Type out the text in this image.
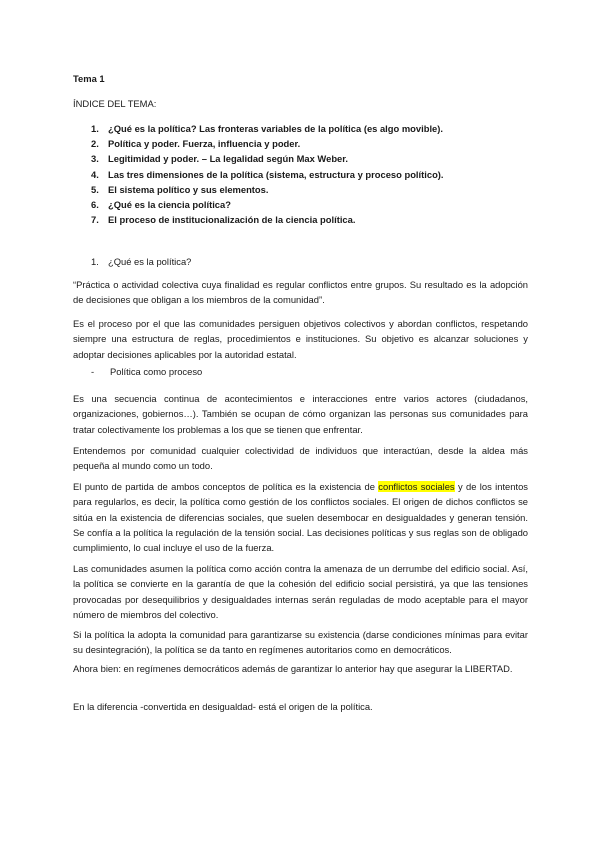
Tema 1
ÍNDICE DEL TEMA:
1. ¿Qué es la política? Las fronteras variables de la política (es algo movible).
2. Política y poder. Fuerza, influencia y poder.
3. Legitimidad y poder. – La legalidad según Max Weber.
4. Las tres dimensiones de la política (sistema, estructura y proceso político).
5. El sistema político y sus elementos.
6. ¿Qué es la ciencia política?
7. El proceso de institucionalización de la ciencia política.
1. ¿Qué es la política?

“Práctica o actividad colectiva cuya finalidad es regular conflictos entre grupos. Su resultado es la adopción de decisiones que obligan a los miembros de la comunidad”.

Es el proceso por el que las comunidades persiguen objetivos colectivos y abordan conflictos, respetando siempre una estructura de reglas, procedimientos e instituciones. Su objetivo es alcanzar soluciones y adoptar decisiones aplicables por la autoridad estatal.

- Política como proceso

Es una secuencia continua de acontecimientos e interacciones entre varios actores (ciudadanos, organizaciones, gobiernos…). También se ocupan de cómo organizan las personas sus comunidades para tratar colectivamente los problemas a los que se tienen que enfrentar.

Entendemos por comunidad cualquier colectividad de individuos que interactúan, desde la aldea más pequeña al mundo como un todo.

El punto de partida de ambos conceptos de política es la existencia de conflictos sociales y de los intentos para regularlos, es decir, la política como gestión de los conflictos sociales. El origen de dichos conflictos se sitúa en la existencia de diferencias sociales, que suelen desembocar en desigualdades y generan tensión. Se confía a la política la regulación de la tensión social. Las decisiones políticas y sus reglas son de obligado cumplimiento, lo cual incluye el uso de la fuerza.

Las comunidades asumen la política como acción contra la amenaza de un derrumbe del edificio social. Así, la política se convierte en la garantía de que la cohesión del edificio social persistirá, ya que las tensiones provocadas por desequilibrios y desigualdades internas serán reguladas de modo aceptable para el mayor número de miembros del colectivo.

Si la política la adopta la comunidad para garantizarse su existencia (darse condiciones mínimas para evitar su desintegración), la política se da tanto en regímenes autoritarios como en democráticos.

Ahora bien: en regímenes democráticos además de garantizar lo anterior hay que asegurar la LIBERTAD.

En la diferencia -convertida en desigualdad- está el origen de la política.
